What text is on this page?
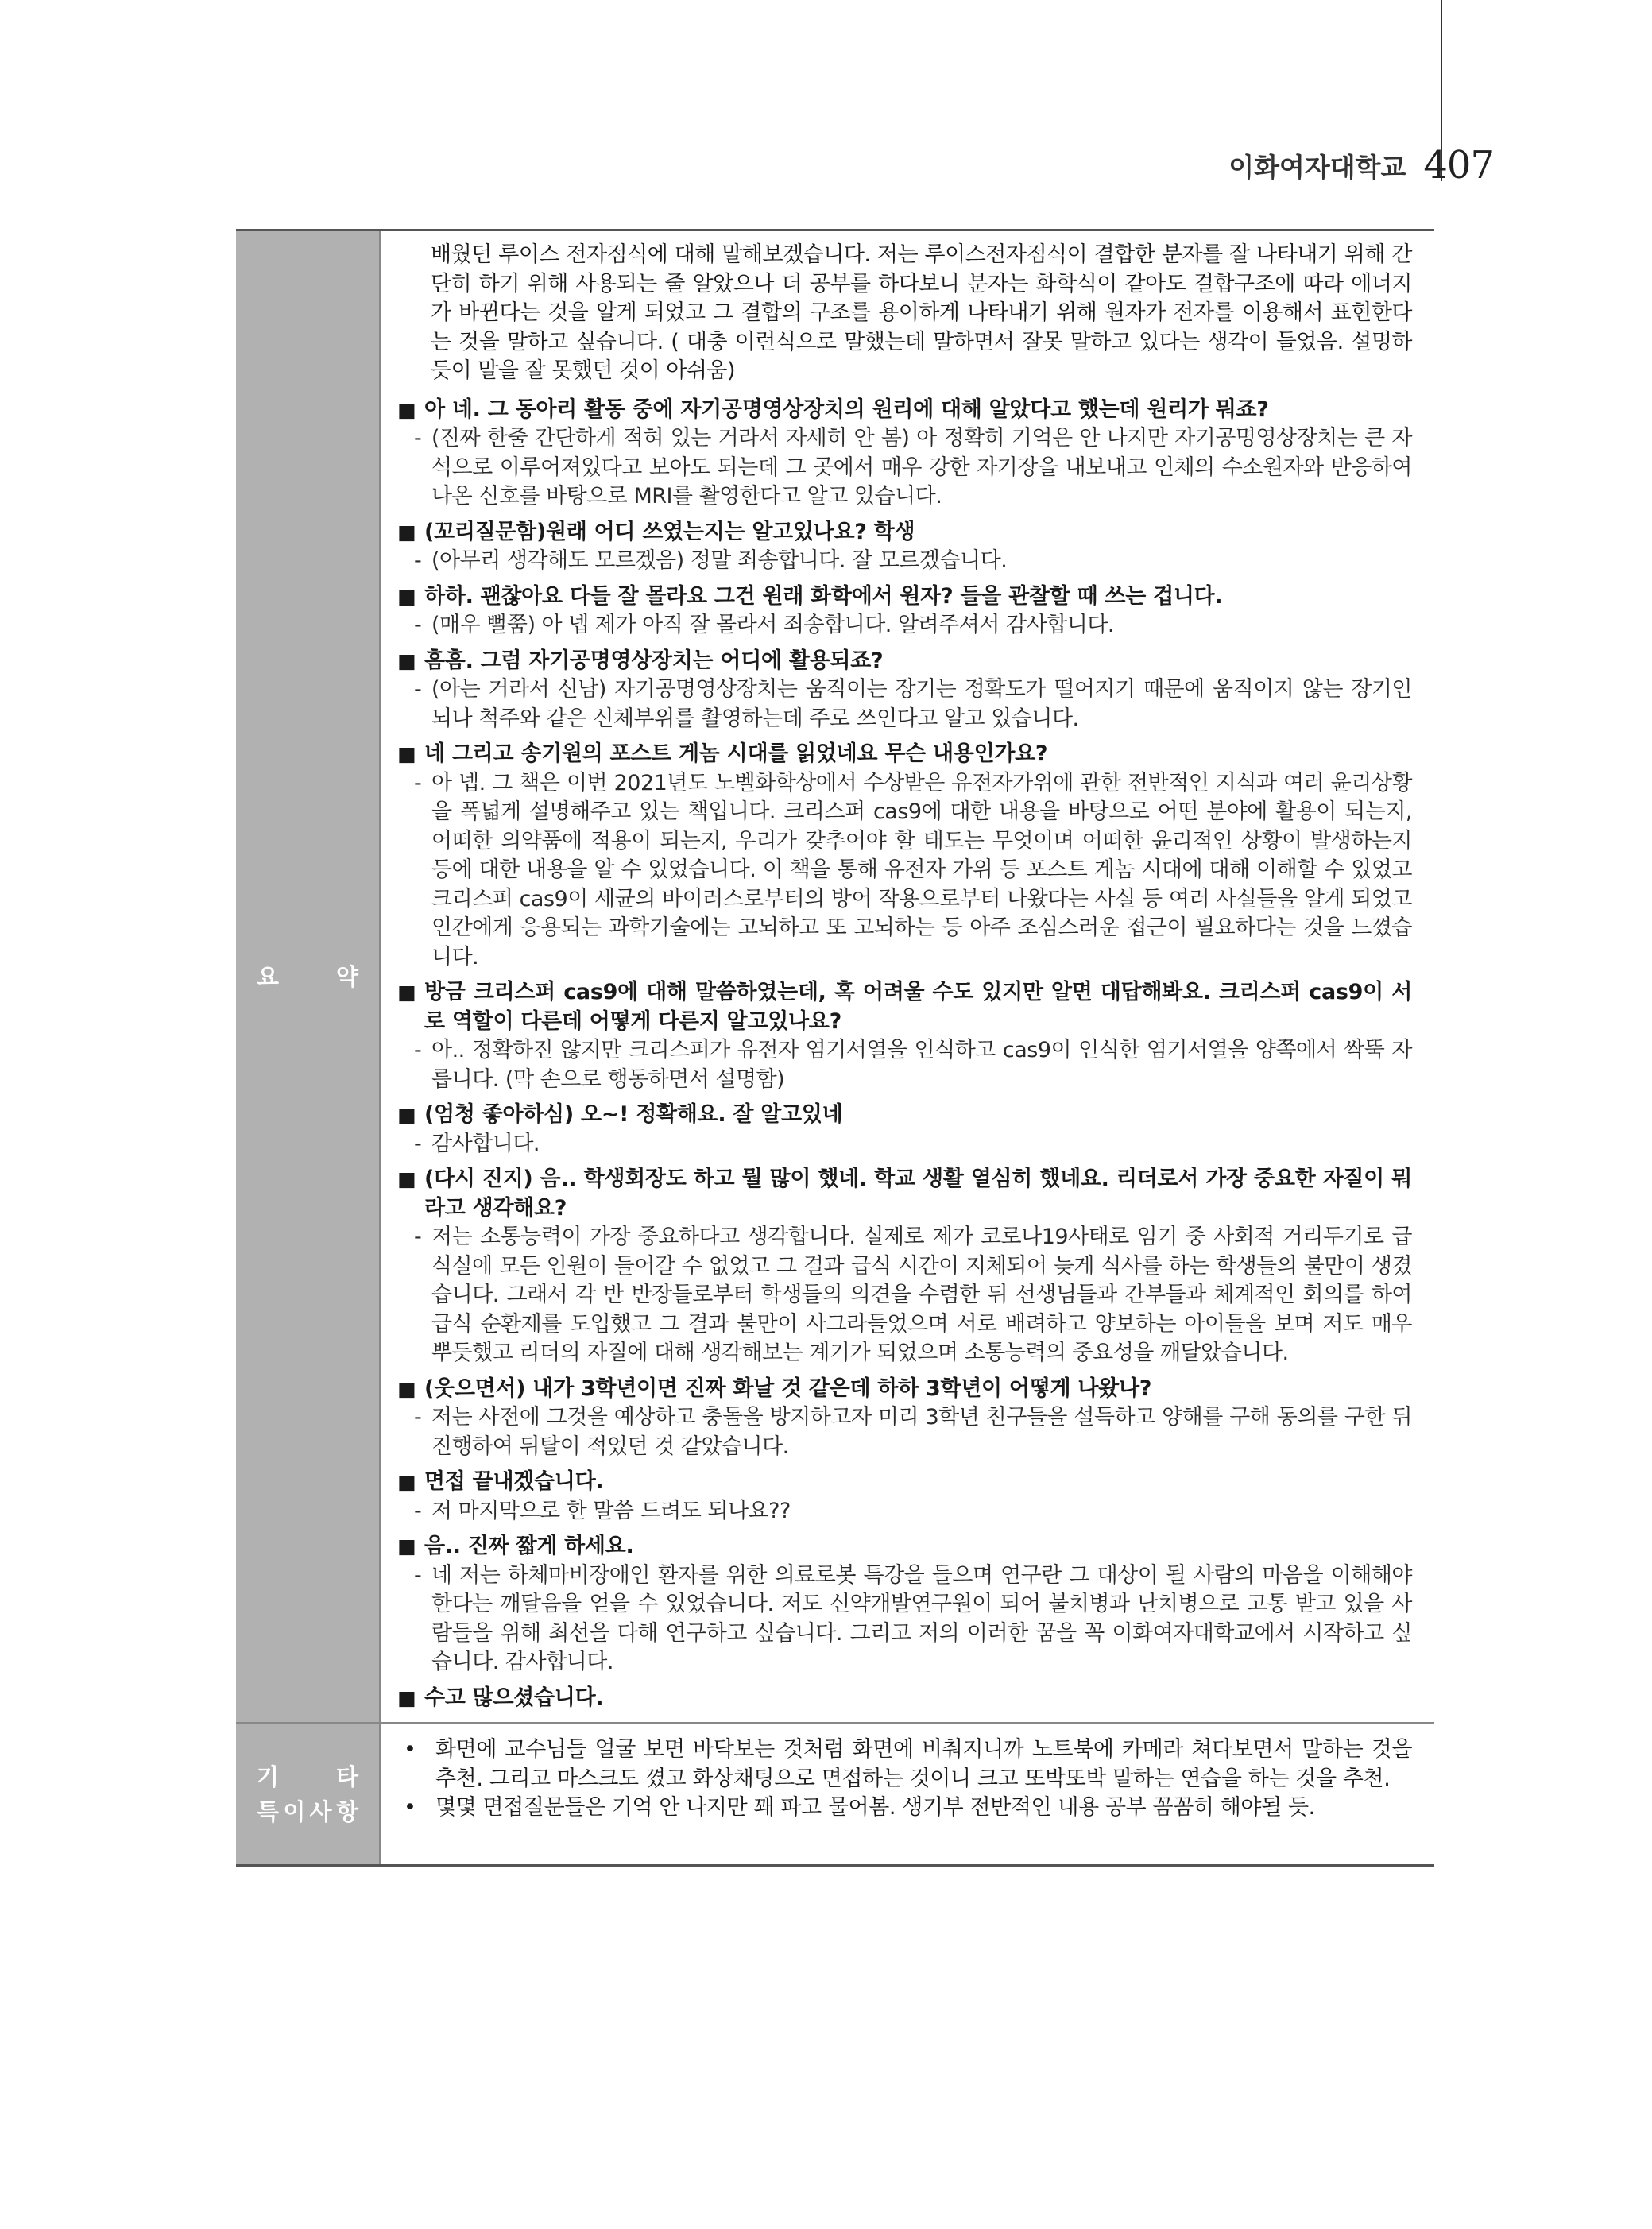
이화여자대학교 407
요 약
배웠던 루이스 전자점식에 대해 말해보겠습니다. 저는 루이스전자점식이 결합한 분자를 잘 나타내기 위해 간단히 하기 위해 사용되는 줄 알았으나 더 공부를 하다보니 분자는 화학식이 같아도 결합구조에 따라 에너지가 바뀐다는 것을 알게 되었고 그 결합의 구조를 용이하게 나타내기 위해 원자가 전자를 이용해서 표현한다는 것을 말하고 싶습니다. ( 대충 이런식으로 말했는데 말하면서 잘못 말하고 있다는 생각이 들었음. 설명하듯이 말을 잘 못했던 것이 아쉬움)
■ 아 네. 그 동아리 활동 중에 자기공명영상장치의 원리에 대해 알았다고 했는데 원리가 뭐죠?
- (진짜 한줄 간단하게 적혀 있는 거라서 자세히 안 봄) 아 정확히 기억은 안 나지만 자기공명영상장치는 큰 자석으로 이루어져있다고 보아도 되는데 그 곳에서 매우 강한 자기장을 내보내고 인체의 수소원자와 반응하여 나온 신호를 바탕으로 MRI를 촬영한다고 알고 있습니다.
■ (꼬리질문함)원래 어디 쓰였는지는 알고있나요? 학생
- (아무리 생각해도 모르겠음) 정말 죄송합니다. 잘 모르겠습니다.
■ 하하. 괜찮아요 다들 잘 몰라요 그건 원래 화학에서 원자? 들을 관찰할 때 쓰는 겁니다.
- (매우 뻘쭘) 아 넵 제가 아직 잘 몰라서 죄송합니다. 알려주셔서 감사합니다.
■ 흠흠. 그럼 자기공명영상장치는 어디에 활용되죠?
- (아는 거라서 신남) 자기공명영상장치는 움직이는 장기는 정확도가 떨어지기 때문에 움직이지 않는 장기인 뇌나 척주와 같은 신체부위를 촬영하는데 주로 쓰인다고 알고 있습니다.
■ 네 그리고 송기원의 포스트 게놈 시대를 읽었네요 무슨 내용인가요?
- 아 넵. 그 책은 이번 2021년도 노벨화학상에서 수상받은 유전자가위에 관한 전반적인 지식과 여러 윤리상황을 폭넓게 설명해주고 있는 책입니다. 크리스퍼 cas9에 대한 내용을 바탕으로 어떤 분야에 활용이 되는지, 어떠한 의약품에 적용이 되는지, 우리가 갖추어야 할 태도는 무엇이며 어떠한 윤리적인 상황이 발생하는지 등에 대한 내용을 알 수 있었습니다. 이 책을 통해 유전자 가위 등 포스트 게놈 시대에 대해 이해할 수 있었고 크리스퍼 cas9이 세균의 바이러스로부터의 방어 작용으로부터 나왔다는 사실 등 여러 사실들을 알게 되었고 인간에게 응용되는 과학기술에는 고뇌하고 또 고뇌하는 등 아주 조심스러운 접근이 필요하다는 것을 느꼈습니다.
■ 방금 크리스퍼 cas9에 대해 말씀하였는데, 혹 어려울 수도 있지만 알면 대답해봐요. 크리스퍼 cas9이 서로 역할이 다른데 어떻게 다른지 알고있나요?
- 아.. 정확하진 않지만 크리스퍼가 유전자 염기서열을 인식하고 cas9이 인식한 염기서열을 양쪽에서 싹뚝 자릅니다. (막 손으로 행동하면서 설명함)
■ (엄청 좋아하심) 오~! 정확해요. 잘 알고있네
- 감사합니다.
■ (다시 진지) 음.. 학생회장도 하고 뭘 많이 했네. 학교 생활 열심히 했네요. 리더로서 가장 중요한 자질이 뭐라고 생각해요?
- 저는 소통능력이 가장 중요하다고 생각합니다. 실제로 제가 코로나19사태로 임기 중 사회적 거리두기로 급식실에 모든 인원이 들어갈 수 없었고 그 결과 급식 시간이 지체되어 늦게 식사를 하는 학생들의 불만이 생겼습니다. 그래서 각 반 반장들로부터 학생들의 의견을 수렴한 뒤 선생님들과 간부들과 체계적인 회의를 하여 급식 순환제를 도입했고 그 결과 불만이 사그라들었으며 서로 배려하고 양보하는 아이들을 보며 저도 매우 뿌듯했고 리더의 자질에 대해 생각해보는 계기가 되었으며 소통능력의 중요성을 깨달았습니다.
■ (웃으면서) 내가 3학년이면 진짜 화날 것 같은데 하하 3학년이 어떻게 나왔나?
- 저는 사전에 그것을 예상하고 충돌을 방지하고자 미리 3학년 친구들을 설득하고 양해를 구해 동의를 구한 뒤 진행하여 뒤탈이 적었던 것 같았습니다.
■ 면접 끝내겠습니다.
- 저 마지막으로 한 말씀 드려도 되나요??
■ 음.. 진짜 짧게 하세요.
- 네 저는 하체마비장애인 환자를 위한 의료로봇 특강을 들으며 연구란 그 대상이 될 사람의 마음을 이해해야 한다는 깨달음을 얻을 수 있었습니다. 저도 신약개발연구원이 되어 불치병과 난치병으로 고통 받고 있을 사람들을 위해 최선을 다해 연구하고 싶습니다. 그리고 저의 이러한 꿈을 꼭 이화여자대학교에서 시작하고 싶습니다. 감사합니다.
■ 수고 많으셨습니다.
기 타
특 이 사 항
• 화면에 교수님들 얼굴 보면 바닥보는 것처럼 화면에 비춰지니까 노트북에 카메라 쳐다보면서 말하는 것을 추천. 그리고 마스크도 꼈고 화상채팅으로 면접하는 것이니 크고 또박또박 말하는 연습을 하는 것을 추천.
• 몇몇 면접질문들은 기억 안 나지만 꽤 파고 물어봄. 생기부 전반적인 내용 공부 꼼꼼히 해야될 듯.
